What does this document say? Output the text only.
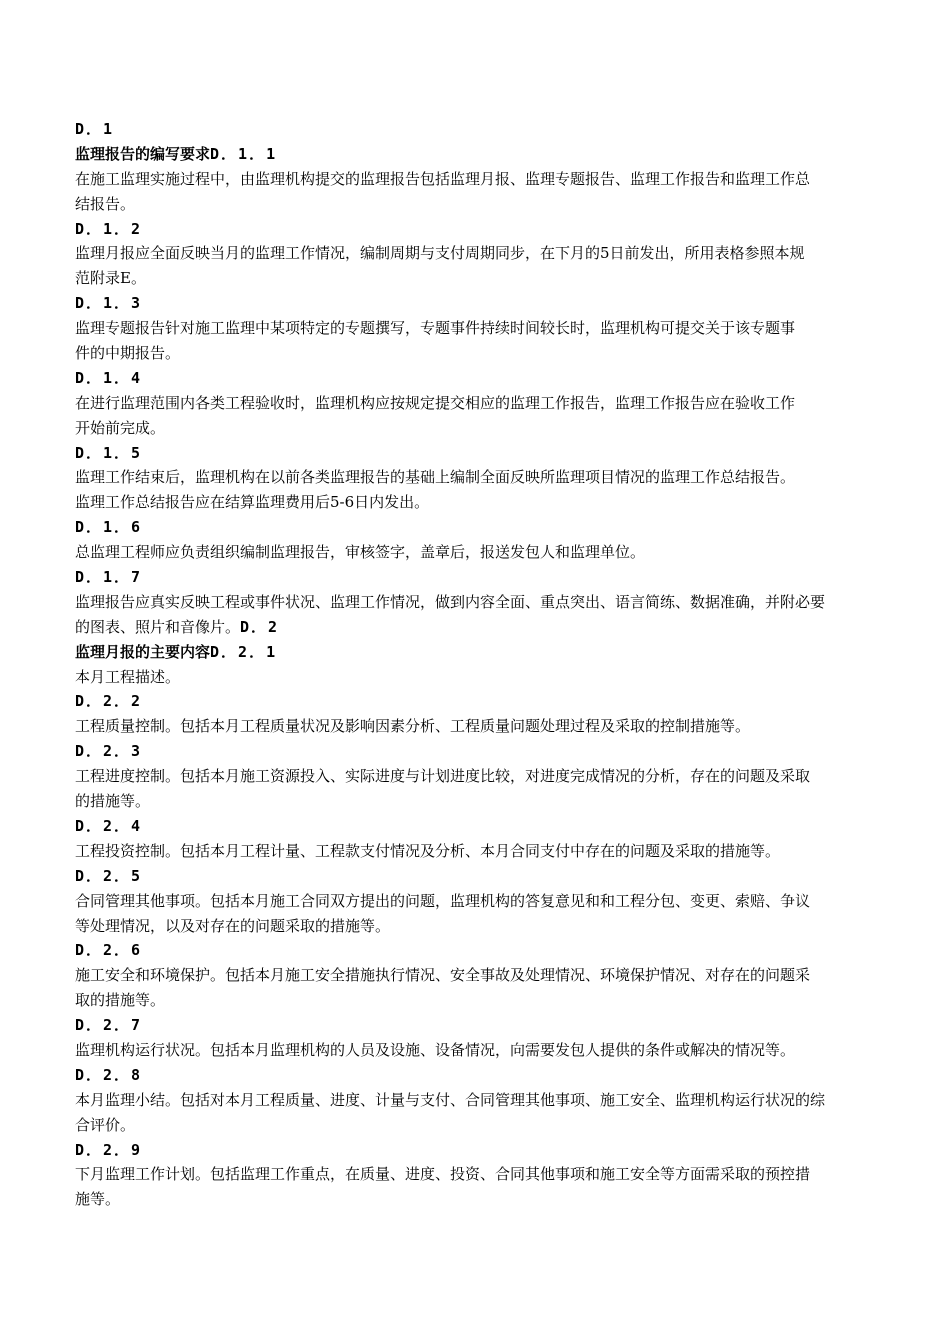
D．1
监理报告的编写要求D．1．1
在施工监理实施过程中，由监理机构提交的监理报告包括监理月报、监理专题报告、监理工作报告和监理工作总
结报告。
D．1．2
监理月报应全面反映当月的监理工作情况，编制周期与支付周期同步，在下月的5日前发出，所用表格参照本规
范附录E。
D．1．3
监理专题报告针对施工监理中某项特定的专题撰写，专题事件持续时间较长时，监理机构可提交关于该专题事
件的中期报告。
D．1．4
在进行监理范围内各类工程验收时，监理机构应按规定提交相应的监理工作报告，监理工作报告应在验收工作
开始前完成。
D．1．5
监理工作结束后，监理机构在以前各类监理报告的基础上编制全面反映所监理项目情况的监理工作总结报告。
监理工作总结报告应在结算监理费用后5-6日内发出。
D．1．6
总监理工程师应负责组织编制监理报告，审核签字，盖章后，报送发包人和监理单位。
D．1．7
监理报告应真实反映工程或事件状况、监理工作情况，做到内容全面、重点突出、语言简练、数据准确，并附必要
的图表、照片和音像片。D．2
监理月报的主要内容D．2．1
本月工程描述。
D．2．2
工程质量控制。包括本月工程质量状况及影响因素分析、工程质量问题处理过程及采取的控制措施等。
D．2．3
工程进度控制。包括本月施工资源投入、实际进度与计划进度比较，对进度完成情况的分析，存在的问题及采取
的措施等。
D．2．4
工程投资控制。包括本月工程计量、工程款支付情况及分析、本月合同支付中存在的问题及采取的措施等。
D．2．5
合同管理其他事项。包括本月施工合同双方提出的问题，监理机构的答复意见和和工程分包、变更、索赔、争议
等处理情况，以及对存在的问题采取的措施等。
D．2．6
施工安全和环境保护。包括本月施工安全措施执行情况、安全事故及处理情况、环境保护情况、对存在的问题采
取的措施等。
D．2．7
监理机构运行状况。包括本月监理机构的人员及设施、设备情况，向需要发包人提供的条件或解决的情况等。
D．2．8
本月监理小结。包括对本月工程质量、进度、计量与支付、合同管理其他事项、施工安全、监理机构运行状况的综
合评价。
D．2．9
下月监理工作计划。包括监理工作重点，在质量、进度、投资、合同其他事项和施工安全等方面需采取的预控措
施等。
